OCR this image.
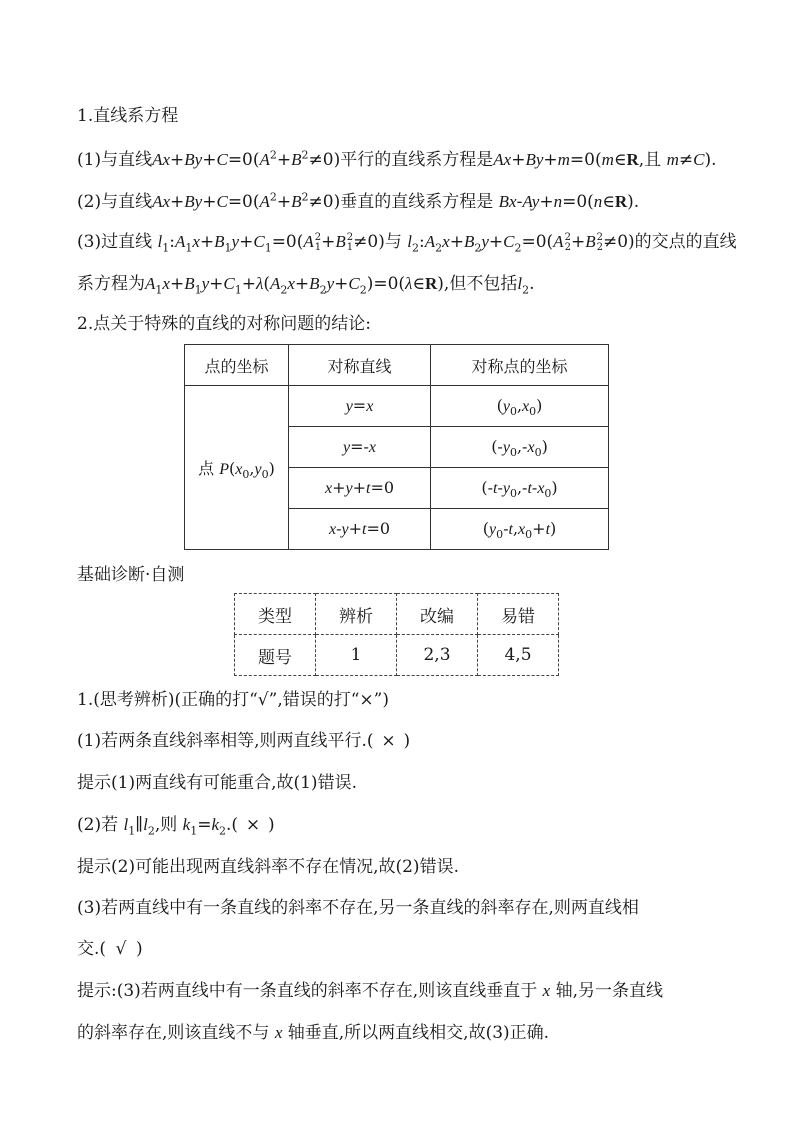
1.直线系方程
(1)与直线$Ax+By+C=0(A^2+B^2\ne 0)$平行的直线系方程是Ax+By+m=0(m∈R,且 m≠C).
(2)与直线$Ax+By+C=0(A^2+B^2\ne 0)$垂直的直线系方程是 Bx-Ay+n=0(n∈R).
(3)过直线 $l_1:A_1x+B_1y+C_1=0(A$ 2
1 +B 2
1 ≠0)与 $l_2:A_2x+B_2y+C_2=0(A$ 2
2 +B 2
2 ≠0)的交点的直线
系方程为$A_1x+B_1y+C_1+\lambda(A_2x+B_2y+C_2)=0(\lambda\in R)$,但不包括$l_2$.
2.点关于特殊的直线的对称问题的结论:
点的坐标	对称直线	对称点的坐标
点 $P(x_0,y_0)$	y=x	$(y_0,x_0)$
	y=-x	$(-y_0,-x_0)$
	x+y+t=0	$(-t-y_0,-t-x_0)$
	x-y+t=0	$(y_0-t,x_0+t)$
基础诊断·自测
类型	辨析	改编	易错
题号	1	2,3	4,5
1.(思考辨析)(正确的打“√”,错误的打“×”)
(1)若两条直线斜率相等,则两直线平行.( × )
提示(1)两直线有可能重合,故(1)错误.
(2)若 $l_1\parallel l_2$,则 $k_1=k_2$.( × )
提示(2)可能出现两直线斜率不存在情况,故(2)错误.
(3)若两直线中有一条直线的斜率不存在,另一条直线的斜率存在,则两直线相
交.( √ )
提示:(3)若两直线中有一条直线的斜率不存在,则该直线垂直于 x 轴,另一条直线
的斜率存在,则该直线不与 x 轴垂直,所以两直线相交,故(3)正确.
